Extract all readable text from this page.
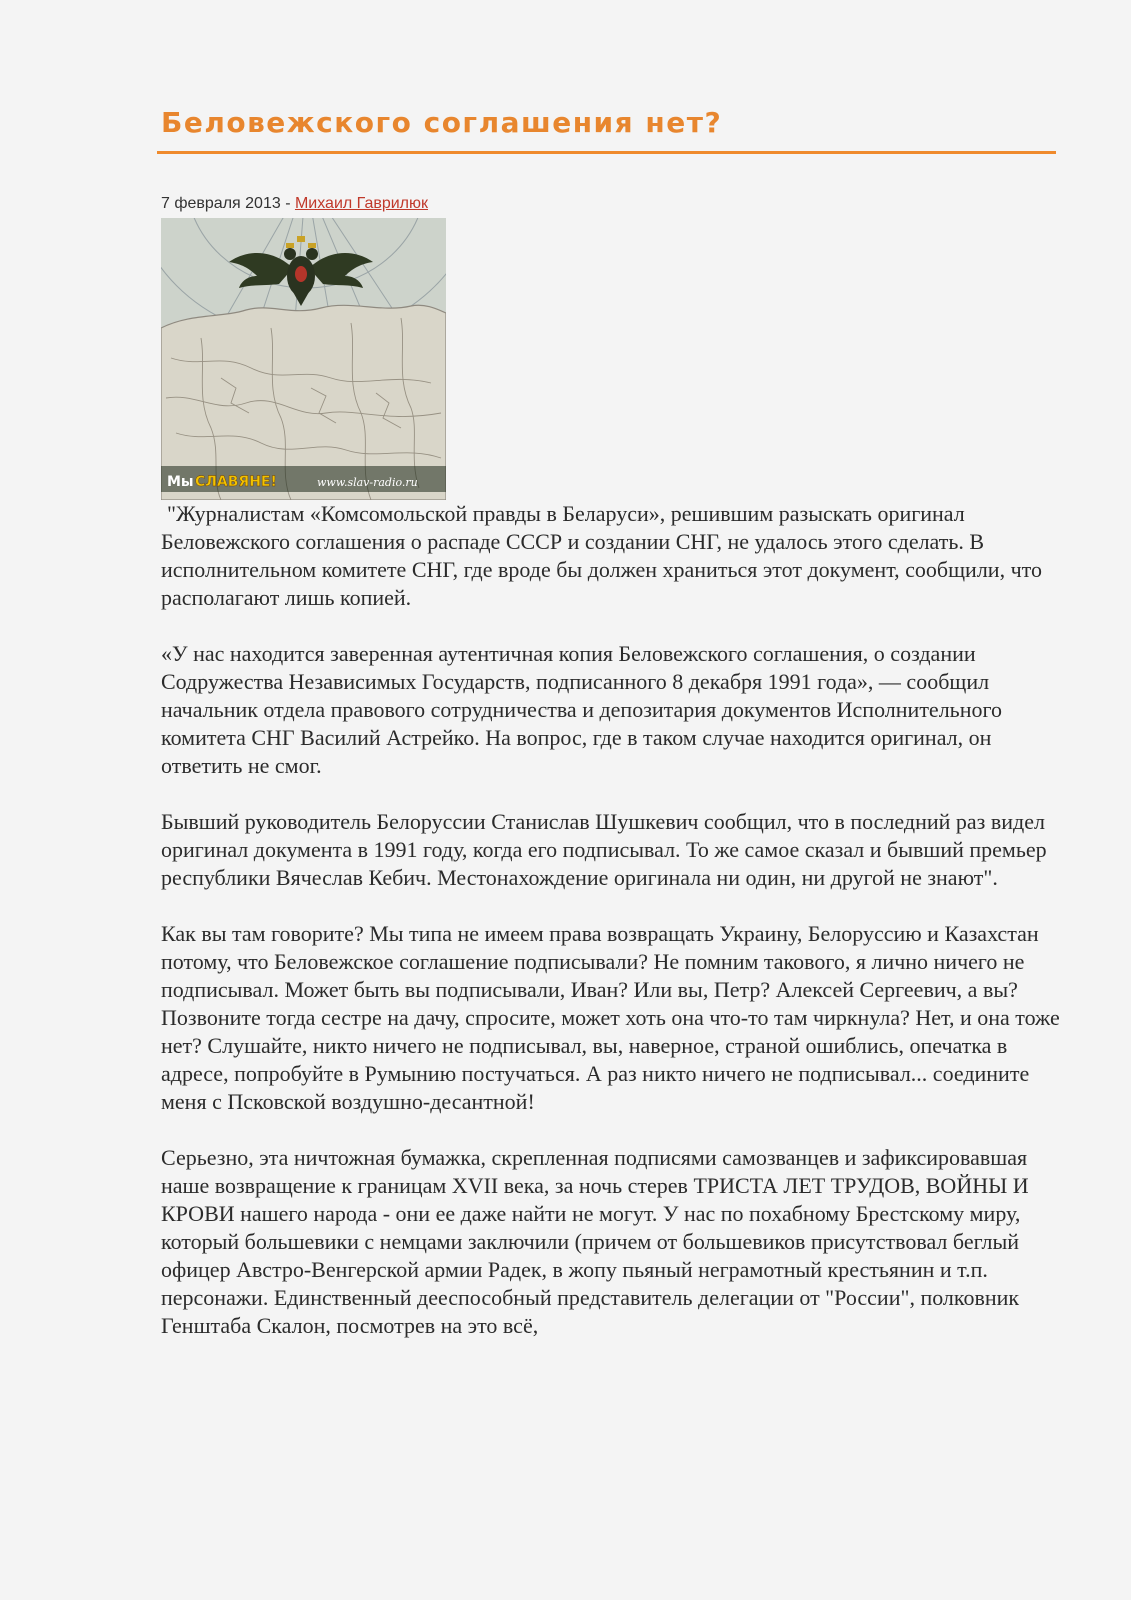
Беловежского соглашения нет?
7 февраля 2013 - Михаил Гаврилюк
Мы СЛАВЯНЕ!	www.slav-radio.ru

"Журналистам «Комсомольской правды в Беларуси», решившим разыскать оригинал Беловежского соглашения о распаде СССР и создании СНГ, не удалось этого сделать. В исполнительном комитете СНГ, где вроде бы должен храниться этот документ, сообщили, что располагают лишь копией.

«У нас находится заверенная аутентичная копия Беловежского соглашения, о создании Содружества Независимых Государств, подписанного 8 декабря 1991 года», — сообщил начальник отдела правового сотрудничества и депозитария документов Исполнительного комитета СНГ Василий Астрейко. На вопрос, где в таком случае находится оригинал, он ответить не смог.

Бывший руководитель Белоруссии Станислав Шушкевич сообщил, что в последний раз видел оригинал документа в 1991 году, когда его подписывал. То же самое сказал и бывший премьер республики Вячеслав Кебич. Местонахождение оригинала ни один, ни другой не знают".

Как вы там говорите? Мы типа не имеем права возвращать Украину, Белоруссию и Казахстан потому, что Беловежское соглашение подписывали? Не помним такового, я лично ничего не подписывал. Может быть вы подписывали, Иван? Или вы, Петр? Алексей Сергеевич, а вы? Позвоните тогда сестре на дачу, спросите, может хоть она что-то там чиркнула? Нет, и она тоже нет? Слушайте, никто ничего не подписывал, вы, наверное, страной ошиблись, опечатка в адресе, попробуйте в Румынию постучаться. А раз никто ничего не подписывал... соедините меня с Псковской воздушно-десантной!

Серьезно, эта ничтожная бумажка, скрепленная подписями самозванцев и зафиксировавшая наше возвращение к границам XVII века, за ночь стерев ТРИСТА ЛЕТ ТРУДОВ, ВОЙНЫ И КРОВИ нашего народа - они ее даже найти не могут. У нас по похабному Брестскому миру, который большевики с немцами заключили (причем от большевиков присутствовал беглый офицер Австро-Венгерской армии Радек, в жопу пьяный неграмотный крестьянин и т.п. персонажи. Единственный дееспособный представитель делегации от "России", полковник Генштаба Скалон, посмотрев на это всё,
